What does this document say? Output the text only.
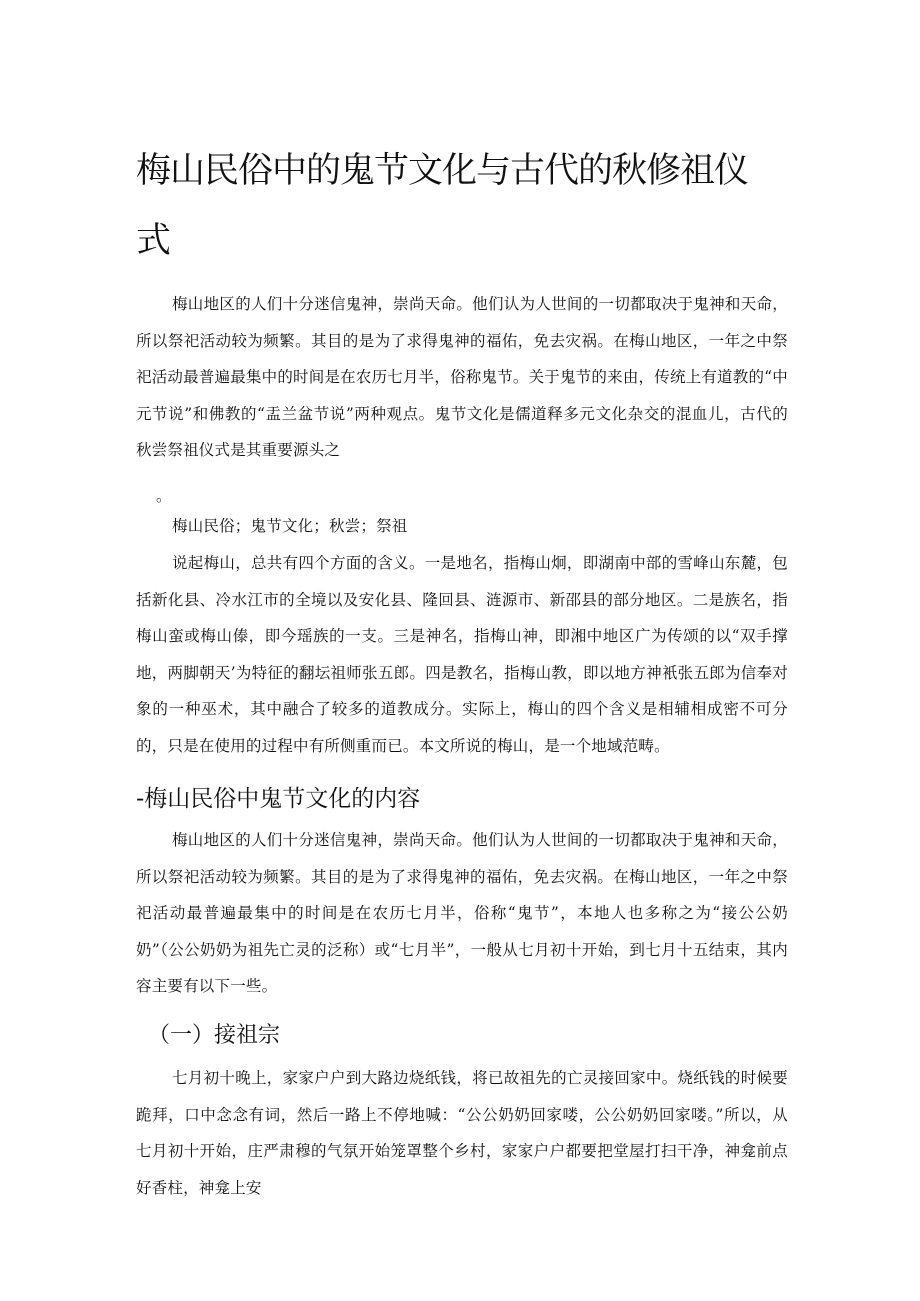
梅山民俗中的鬼节文化与古代的秋修祖仪式

梅山地区的人们十分迷信鬼神，崇尚天命。他们认为人世间的一切都取决于鬼神和天命，所以祭祀活动较为频繁。其目的是为了求得鬼神的福佑，免去灾祸。在梅山地区，一年之中祭祀活动最普遍最集中的时间是在农历七月半，俗称鬼节。关于鬼节的来由，传统上有道教的“中元节说”和佛教的“盂兰盆节说”两种观点。鬼节文化是儒道释多元文化杂交的混血儿，古代的秋尝祭祖仪式是其重要源头之

。

梅山民俗；鬼节文化；秋尝；祭祖

说起梅山，总共有四个方面的含义。一是地名，指梅山炯，即湖南中部的雪峰山东麓，包括新化县、冷水江市的全境以及安化县、隆回县、涟源市、新邵县的部分地区。二是族名，指梅山蛮或梅山傣，即今瑶族的一支。三是神名，指梅山神，即湘中地区广为传颂的以“双手撑地，两脚朝天’为特征的翻坛祖师张五郎。四是教名，指梅山教，即以地方神衹张五郎为信奉对象的一种巫术，其中融合了较多的道教成分。实际上，梅山的四个含义是相辅相成密不可分的，只是在使用的过程中有所侧重而已。本文所说的梅山，是一个地域范畴。

-梅山民俗中鬼节文化的内容

梅山地区的人们十分迷信鬼神，崇尚天命。他们认为人世间的一切都取决于鬼神和天命，所以祭祀活动较为频繁。其目的是为了求得鬼神的福佑，免去灾祸。在梅山地区，一年之中祭祀活动最普遍最集中的时间是在农历七月半，俗称“鬼节”，本地人也多称之为“接公公奶奶”（公公奶奶为祖先亡灵的泛称）或“七月半”，一般从七月初十开始，到七月十五结束，其内容主要有以下一些。

（一）接祖宗

七月初十晚上，家家户户到大路边烧纸钱，将已故祖先的亡灵接回家中。烧纸钱的时候要跪拜，口中念念有词，然后一路上不停地喊：“公公奶奶回家喽，公公奶奶回家喽。”所以，从七月初十开始，庄严肃穆的气氛开始笼罩整个乡村，家家户户都要把堂屋打扫干净，神龛前点好香柱，神龛上安
